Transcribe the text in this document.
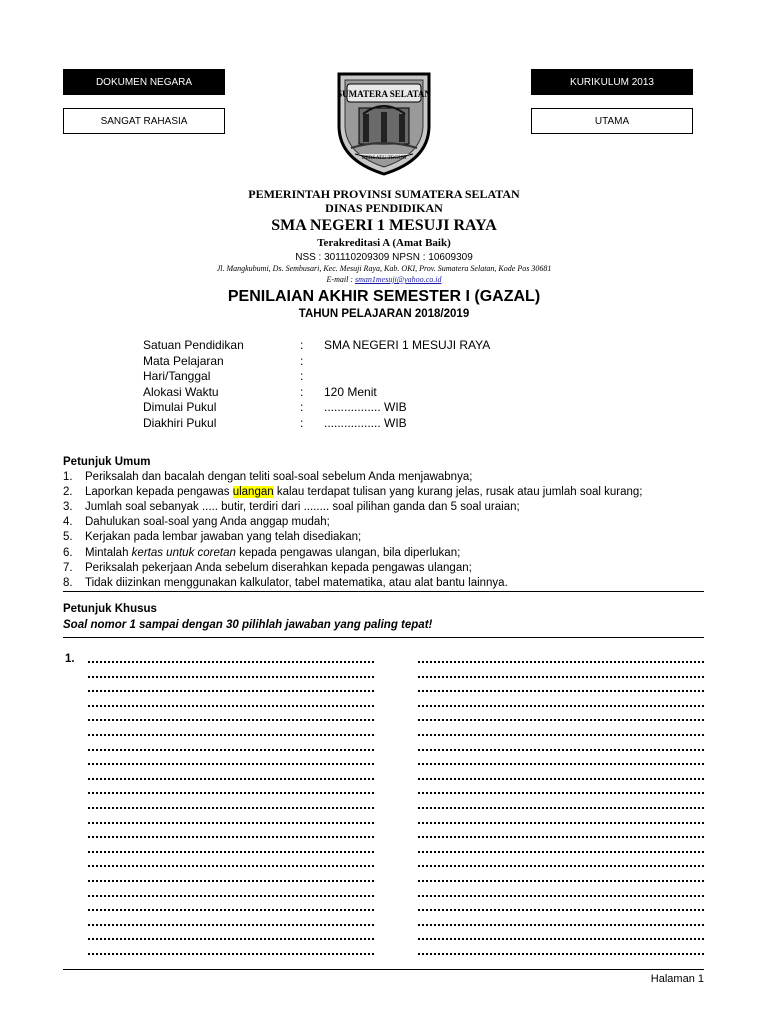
DOKUMEN NEGARA
SANGAT RAHASIA
KURIKULUM 2013
UTAMA
SUMATERA SELATAN
BERSATU TEGUH
PEMERINTAH PROVINSI SUMATERA SELATAN
DINAS PENDIDIKAN
SMA NEGERI 1 MESUJI RAYA
Terakreditasi A (Amat Baik)
NSS : 301110209309 NPSN : 10609309
Jl. Mangkubumi, Ds. Sembusari, Kec. Mesuji Raya, Kab. OKI, Prov. Sumatera Selatan, Kode Pos 30681
E-mail : sman1mesuji@yahoo.co.id
PENILAIAN AKHIR SEMESTER I (GAZAL)
TAHUN PELAJARAN 2018/2019
Satuan Pendidikan	: SMA NEGERI 1 MESUJI RAYA
Mata Pelajaran	:
Hari/Tanggal	:
Alokasi Waktu	: 120 Menit
Dimulai Pukul	: ................. WIB
Diakhiri Pukul	: ................. WIB
Petunjuk Umum
1. Periksalah dan bacalah dengan teliti soal-soal sebelum Anda menjawabnya;
2. Laporkan kepada pengawas ulangan kalau terdapat tulisan yang kurang jelas, rusak atau jumlah soal kurang;
3. Jumlah soal sebanyak ..... butir, terdiri dari ........ soal pilihan ganda dan 5 soal uraian;
4. Dahulukan soal-soal yang Anda anggap mudah;
5. Kerjakan pada lembar jawaban yang telah disediakan;
6. Mintalah kertas untuk coretan kepada pengawas ulangan, bila diperlukan;
7. Periksalah pekerjaan Anda sebelum diserahkan kepada pengawas ulangan;
8. Tidak diizinkan menggunakan kalkulator, tabel matematika, atau alat bantu lainnya.
Petunjuk Khusus
Soal nomor 1 sampai dengan 30 pilihlah jawaban yang paling tepat!
1.
Halaman 1
